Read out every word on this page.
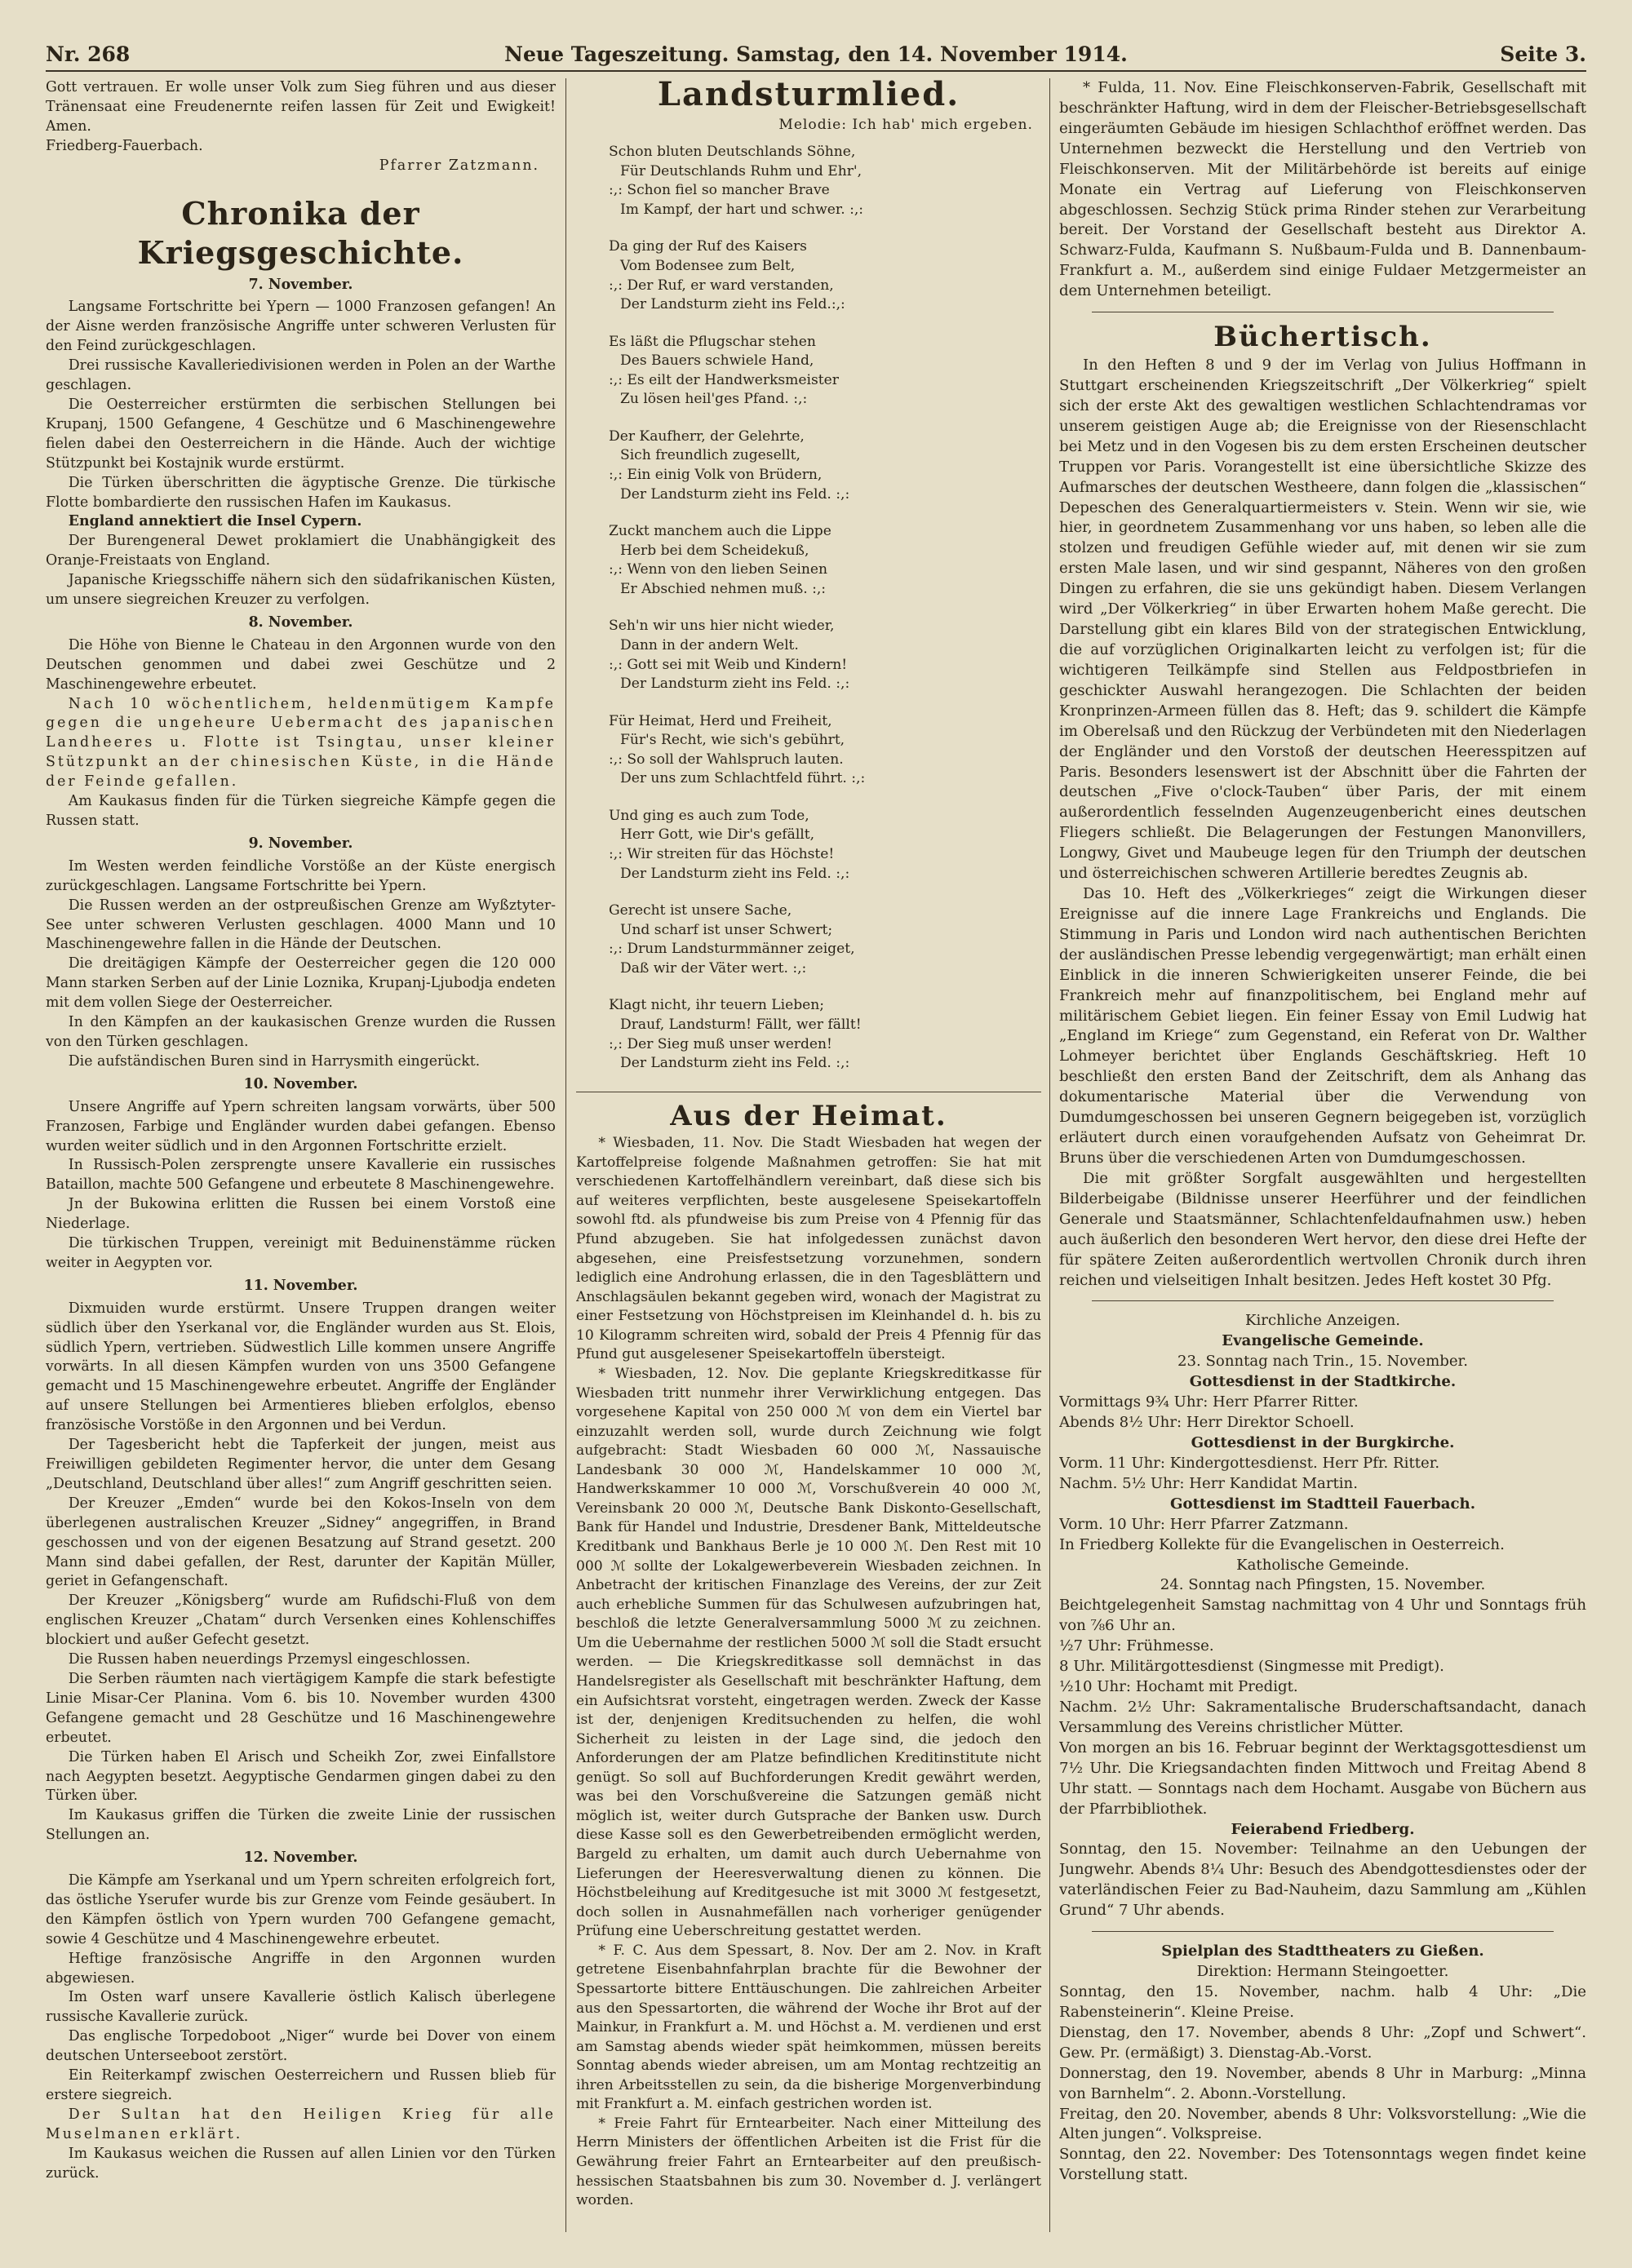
Nr. 268	Neue Tageszeitung. Samstag, den 14. November 1914.	Seite 3.

Gott vertrauen. Er wolle unser Volk zum Sieg führen und aus dieser Tränensaat eine Freudenernte reifen lassen für Zeit und Ewigkeit! Amen.

Friedberg-Fauerbach.

Pfarrer Zatzmann.

Chronika der Kriegsgeschichte.

7. November.

Langsame Fortschritte bei Ypern — 1000 Franzosen gefangen! An der Aisne werden französische Angriffe unter schweren Verlusten für den Feind zurückgeschlagen.

Drei russische Kavalleriedivisionen werden in Polen an der Warthe geschlagen.

Die Oesterreicher erstürmten die serbischen Stellungen bei Krupanj, 1500 Gefangene, 4 Geschütze und 6 Maschinengewehre fielen dabei den Oesterreichern in die Hände. Auch der wichtige Stützpunkt bei Kostajnik wurde erstürmt.

Die Türken überschritten die ägyptische Grenze. Die türkische Flotte bombardierte den russischen Hafen im Kaukasus.

England annektiert die Insel Cypern.

Der Burengeneral Dewet proklamiert die Unabhängigkeit des Oranje-Freistaats von England.

Japanische Kriegsschiffe nähern sich den südafrikanischen Küsten, um unsere siegreichen Kreuzer zu verfolgen.

8. November.

Die Höhe von Bienne le Chateau in den Argonnen wurde von den Deutschen genommen und dabei zwei Geschütze und 2 Maschinengewehre erbeutet.

Nach 10 wöchentlichem, heldenmütigem Kampfe gegen die ungeheure Uebermacht des japanischen Landheeres u. Flotte ist Tsingtau, unser kleiner Stützpunkt an der chinesischen Küste, in die Hände der Feinde gefallen.

Am Kaukasus finden für die Türken siegreiche Kämpfe gegen die Russen statt.

9. November.

Im Westen werden feindliche Vorstöße an der Küste energisch zurückgeschlagen. Langsame Fortschritte bei Ypern.

Die Russen werden an der ostpreußischen Grenze am Wyßztyter-See unter schweren Verlusten geschlagen. 4000 Mann und 10 Maschinengewehre fallen in die Hände der Deutschen.

Die dreitägigen Kämpfe der Oesterreicher gegen die 120 000 Mann starken Serben auf der Linie Loznika, Krupanj-Ljubodja endeten mit dem vollen Siege der Oesterreicher.

In den Kämpfen an der kaukasischen Grenze wurden die Russen von den Türken geschlagen.

Die aufständischen Buren sind in Harrysmith eingerückt.

10. November.

Unsere Angriffe auf Ypern schreiten langsam vorwärts, über 500 Franzosen, Farbige und Engländer wurden dabei gefangen. Ebenso wurden weiter südlich und in den Argonnen Fortschritte erzielt.

In Russisch-Polen zersprengte unsere Kavallerie ein russisches Bataillon, machte 500 Gefangene und erbeutete 8 Maschinengewehre.

Jn der Bukowina erlitten die Russen bei einem Vorstoß eine Niederlage.

Die türkischen Truppen, vereinigt mit Beduinenstämme rücken weiter in Aegypten vor.

11. November.

Dixmuiden wurde erstürmt. Unsere Truppen drangen weiter südlich über den Yserkanal vor, die Engländer wurden aus St. Elois, südlich Ypern, vertrieben. Südwestlich Lille kommen unsere Angriffe vorwärts. In all diesen Kämpfen wurden von uns 3500 Gefangene gemacht und 15 Maschinengewehre erbeutet. Angriffe der Engländer auf unsere Stellungen bei Armentieres blieben erfolglos, ebenso französische Vorstöße in den Argonnen und bei Verdun.

Der Tagesbericht hebt die Tapferkeit der jungen, meist aus Freiwilligen gebildeten Regimenter hervor, die unter dem Gesang „Deutschland, Deutschland über alles!“ zum Angriff geschritten seien.

Der Kreuzer „Emden“ wurde bei den Kokos-Inseln von dem überlegenen australischen Kreuzer „Sidney“ angegriffen, in Brand geschossen und von der eigenen Besatzung auf Strand gesetzt. 200 Mann sind dabei gefallen, der Rest, darunter der Kapitän Müller, geriet in Gefangenschaft.

Der Kreuzer „Königsberg“ wurde am Rufidschi-Fluß von dem englischen Kreuzer „Chatam“ durch Versenken eines Kohlenschiffes blockiert und außer Gefecht gesetzt.

Die Russen haben neuerdings Przemysl eingeschlossen.

Die Serben räumten nach viertägigem Kampfe die stark befestigte Linie Misar-Cer Planina. Vom 6. bis 10. November wurden 4300 Gefangene gemacht und 28 Geschütze und 16 Maschinengewehre erbeutet.

Die Türken haben El Arisch und Scheikh Zor, zwei Einfallstore nach Aegypten besetzt. Aegyptische Gendarmen gingen dabei zu den Türken über.

Im Kaukasus griffen die Türken die zweite Linie der russischen Stellungen an.

12. November.

Die Kämpfe am Yserkanal und um Ypern schreiten erfolgreich fort, das östliche Yserufer wurde bis zur Grenze vom Feinde gesäubert. In den Kämpfen östlich von Ypern wurden 700 Gefangene gemacht, sowie 4 Geschütze und 4 Maschinengewehre erbeutet.

Heftige französische Angriffe in den Argonnen wurden abgewiesen.

Im Osten warf unsere Kavallerie östlich Kalisch überlegene russische Kavallerie zurück.

Das englische Torpedoboot „Niger“ wurde bei Dover von einem deutschen Unterseeboot zerstört.

Ein Reiterkampf zwischen Oesterreichern und Russen blieb für erstere siegreich.

Der Sultan hat den Heiligen Krieg für alle Muselmanen erklärt.

Im Kaukasus weichen die Russen auf allen Linien vor den Türken zurück.

Landsturmlied.
Melodie: Ich hab' mich ergeben.
Schon bluten Deutschlands Söhne,
Für Deutschlands Ruhm und Ehr',
:,: Schon fiel so mancher Brave
Im Kampf, der hart und schwer. :,:
Da ging der Ruf des Kaisers
Vom Bodensee zum Belt,
:,: Der Ruf, er ward verstanden,
Der Landsturm zieht ins Feld.:,:
Es läßt die Pflugschar stehen
Des Bauers schwiele Hand,
:,: Es eilt der Handwerksmeister
Zu lösen heil'ges Pfand. :,:
Der Kaufherr, der Gelehrte,
Sich freundlich zugesellt,
:,: Ein einig Volk von Brüdern,
Der Landsturm zieht ins Feld. :,:
Zuckt manchem auch die Lippe
Herb bei dem Scheidekuß,
:,: Wenn von den lieben Seinen
Er Abschied nehmen muß. :,:
Seh'n wir uns hier nicht wieder,
Dann in der andern Welt.
:,: Gott sei mit Weib und Kindern!
Der Landsturm zieht ins Feld. :,:
Für Heimat, Herd und Freiheit,
Für's Recht, wie sich's gebührt,
:,: So soll der Wahlspruch lauten.
Der uns zum Schlachtfeld führt. :,:
Und ging es auch zum Tode,
Herr Gott, wie Dir's gefällt,
:,: Wir streiten für das Höchste!
Der Landsturm zieht ins Feld. :,:
Gerecht ist unsere Sache,
Und scharf ist unser Schwert;
:,: Drum Landsturmmänner zeiget,
Daß wir der Väter wert. :,:
Klagt nicht, ihr teuern Lieben;
Drauf, Landsturm! Fällt, wer fällt!
:,: Der Sieg muß unser werden!
Der Landsturm zieht ins Feld. :,:
Aus der Heimat.

* Wiesbaden, 11. Nov. Die Stadt Wiesbaden hat wegen der Kartoffelpreise folgende Maßnahmen getroffen: Sie hat mit verschiedenen Kartoffelhändlern vereinbart, daß diese sich bis auf weiteres verpflichten, beste ausgelesene Speisekartoffeln sowohl ftd. als pfundweise bis zum Preise von 4 Pfennig für das Pfund abzugeben. Sie hat infolgedessen zunächst davon abgesehen, eine Preisfestsetzung vorzunehmen, sondern lediglich eine Androhung erlassen, die in den Tagesblättern und Anschlagsäulen bekannt gegeben wird, wonach der Magistrat zu einer Festsetzung von Höchstpreisen im Kleinhandel d. h. bis zu 10 Kilogramm schreiten wird, sobald der Preis 4 Pfennig für das Pfund gut ausgelesener Speisekartoffeln übersteigt.

* Wiesbaden, 12. Nov. Die geplante Kriegskreditkasse für Wiesbaden tritt nunmehr ihrer Verwirklichung entgegen. Das vorgesehene Kapital von 250 000 ℳ von dem ein Viertel bar einzuzahlt werden soll, wurde durch Zeichnung wie folgt aufgebracht: Stadt Wiesbaden 60 000 ℳ, Nassauische Landesbank 30 000 ℳ, Handelskammer 10 000 ℳ, Handwerkskammer 10 000 ℳ, Vorschußverein 40 000 ℳ, Vereinsbank 20 000 ℳ, Deutsche Bank Diskonto-Gesellschaft, Bank für Handel und Industrie, Dresdener Bank, Mitteldeutsche Kreditbank und Bankhaus Berle je 10 000 ℳ. Den Rest mit 10 000 ℳ sollte der Lokalgewerbeverein Wiesbaden zeichnen. In Anbetracht der kritischen Finanzlage des Vereins, der zur Zeit auch erhebliche Summen für das Schulwesen aufzubringen hat, beschloß die letzte Generalversammlung 5000 ℳ zu zeichnen. Um die Uebernahme der restlichen 5000 ℳ soll die Stadt ersucht werden. — Die Kriegskreditkasse soll demnächst in das Handelsregister als Gesellschaft mit beschränkter Haftung, dem ein Aufsichtsrat vorsteht, eingetragen werden. Zweck der Kasse ist der, denjenigen Kreditsuchenden zu helfen, die wohl Sicherheit zu leisten in der Lage sind, die jedoch den Anforderungen der am Platze befindlichen Kreditinstitute nicht genügt. So soll auf Buchforderungen Kredit gewährt werden, was bei den Vorschußvereine die Satzungen gemäß nicht möglich ist, weiter durch Gutsprache der Banken usw. Durch diese Kasse soll es den Gewerbetreibenden ermöglicht werden, Bargeld zu erhalten, um damit auch durch Uebernahme von Lieferungen der Heeresverwaltung dienen zu können. Die Höchstbeleihung auf Kreditgesuche ist mit 3000 ℳ festgesetzt, doch sollen in Ausnahmefällen nach vorheriger genügender Prüfung eine Ueberschreitung gestattet werden.

* F. C. Aus dem Spessart, 8. Nov. Der am 2. Nov. in Kraft getretene Eisenbahnfahrplan brachte für die Bewohner der Spessartorte bittere Enttäuschungen. Die zahlreichen Arbeiter aus den Spessartorten, die während der Woche ihr Brot auf der Mainkur, in Frankfurt a. M. und Höchst a. M. verdienen und erst am Samstag abends wieder spät heimkommen, müssen bereits Sonntag abends wieder abreisen, um am Montag rechtzeitig an ihren Arbeitsstellen zu sein, da die bisherige Morgenverbindung mit Frankfurt a. M. einfach gestrichen worden ist.

* Freie Fahrt für Erntearbeiter. Nach einer Mitteilung des Herrn Ministers der öffentlichen Arbeiten ist die Frist für die Gewährung freier Fahrt an Erntearbeiter auf den preußisch-hessischen Staatsbahnen bis zum 30. November d. J. verlängert worden.

* Fulda, 11. Nov. Eine Fleischkonserven-Fabrik, Gesellschaft mit beschränkter Haftung, wird in dem der Fleischer-Betriebsgesellschaft eingeräumten Gebäude im hiesigen Schlachthof eröffnet werden. Das Unternehmen bezweckt die Herstellung und den Vertrieb von Fleischkonserven. Mit der Militärbehörde ist bereits auf einige Monate ein Vertrag auf Lieferung von Fleischkonserven abgeschlossen. Sechzig Stück prima Rinder stehen zur Verarbeitung bereit. Der Vorstand der Gesellschaft besteht aus Direktor A. Schwarz-Fulda, Kaufmann S. Nußbaum-Fulda und B. Dannenbaum-Frankfurt a. M., außerdem sind einige Fuldaer Metzgermeister an dem Unternehmen beteiligt.

Büchertisch.

In den Heften 8 und 9 der im Verlag von Julius Hoffmann in Stuttgart erscheinenden Kriegszeitschrift „Der Völkerkrieg“ spielt sich der erste Akt des gewaltigen westlichen Schlachtendramas vor unserem geistigen Auge ab; die Ereignisse von der Riesenschlacht bei Metz und in den Vogesen bis zu dem ersten Erscheinen deutscher Truppen vor Paris. Vorangestellt ist eine übersichtliche Skizze des Aufmarsches der deutschen Westheere, dann folgen die „klassischen“ Depeschen des Generalquartiermeisters v. Stein. Wenn wir sie, wie hier, in geordnetem Zusammenhang vor uns haben, so leben alle die stolzen und freudigen Gefühle wieder auf, mit denen wir sie zum ersten Male lasen, und wir sind gespannt, Näheres von den großen Dingen zu erfahren, die sie uns gekündigt haben. Diesem Verlangen wird „Der Völkerkrieg“ in über Erwarten hohem Maße gerecht. Die Darstellung gibt ein klares Bild von der strategischen Entwicklung, die auf vorzüglichen Originalkarten leicht zu verfolgen ist; für die wichtigeren Teilkämpfe sind Stellen aus Feldpostbriefen in geschickter Auswahl herangezogen. Die Schlachten der beiden Kronprinzen-Armeen füllen das 8. Heft; das 9. schildert die Kämpfe im Oberelsaß und den Rückzug der Verbündeten mit den Niederlagen der Engländer und den Vorstoß der deutschen Heeresspitzen auf Paris. Besonders lesenswert ist der Abschnitt über die Fahrten der deutschen „Five o'clock-Tauben“ über Paris, der mit einem außerordentlich fesselnden Augenzeugenbericht eines deutschen Fliegers schließt. Die Belagerungen der Festungen Manonvillers, Longwy, Givet und Maubeuge legen für den Triumph der deutschen und österreichischen schweren Artillerie beredtes Zeugnis ab.

Das 10. Heft des „Völkerkrieges“ zeigt die Wirkungen dieser Ereignisse auf die innere Lage Frankreichs und Englands. Die Stimmung in Paris und London wird nach authentischen Berichten der ausländischen Presse lebendig vergegenwärtigt; man erhält einen Einblick in die inneren Schwierigkeiten unserer Feinde, die bei Frankreich mehr auf finanzpolitischem, bei England mehr auf militärischem Gebiet liegen. Ein feiner Essay von Emil Ludwig hat „England im Kriege“ zum Gegenstand, ein Referat von Dr. Walther Lohmeyer berichtet über Englands Geschäftskrieg. Heft 10 beschließt den ersten Band der Zeitschrift, dem als Anhang das dokumentarische Material über die Verwendung von Dumdumgeschossen bei unseren Gegnern beigegeben ist, vorzüglich erläutert durch einen voraufgehenden Aufsatz von Geheimrat Dr. Bruns über die verschiedenen Arten von Dumdumgeschossen.

Die mit größter Sorgfalt ausgewählten und hergestellten Bilderbeigabe (Bildnisse unserer Heerführer und der feindlichen Generale und Staatsmänner, Schlachtenfeldaufnahmen usw.) heben auch äußerlich den besonderen Wert hervor, den diese drei Hefte der für spätere Zeiten außerordentlich wertvollen Chronik durch ihren reichen und vielseitigen Inhalt besitzen. Jedes Heft kostet 30 Pfg.

Kirchliche Anzeigen.

Evangelische Gemeinde.

23. Sonntag nach Trin., 15. November.

Gottesdienst in der Stadtkirche.

Vormittags 9¾ Uhr: Herr Pfarrer Ritter.

Abends 8½ Uhr: Herr Direktor Schoell.

Gottesdienst in der Burgkirche.

Vorm. 11 Uhr: Kindergottesdienst. Herr Pfr. Ritter.

Nachm. 5½ Uhr: Herr Kandidat Martin.

Gottesdienst im Stadtteil Fauerbach.

Vorm. 10 Uhr: Herr Pfarrer Zatzmann.

In Friedberg Kollekte für die Evangelischen in Oesterreich.

Katholische Gemeinde.

24. Sonntag nach Pfingsten, 15. November.

Beichtgelegenheit Samstag nachmittag von 4 Uhr und Sonntags früh von ⅞6 Uhr an.

½7 Uhr: Frühmesse.

8 Uhr. Militärgottesdienst (Singmesse mit Predigt).

½10 Uhr: Hochamt mit Predigt.

Nachm. 2½ Uhr: Sakramentalische Bruderschaftsandacht, danach Versammlung des Vereins christlicher Mütter.

Von morgen an bis 16. Februar beginnt der Werktagsgottesdienst um 7½ Uhr. Die Kriegsandachten finden Mittwoch und Freitag Abend 8 Uhr statt. — Sonntags nach dem Hochamt. Ausgabe von Büchern aus der Pfarrbibliothek.

Feierabend Friedberg.

Sonntag, den 15. November: Teilnahme an den Uebungen der Jungwehr. Abends 8¼ Uhr: Besuch des Abendgottesdienstes oder der vaterländischen Feier zu Bad-Nauheim, dazu Sammlung am „Kühlen Grund“ 7 Uhr abends.

Spielplan des Stadttheaters zu Gießen.

Direktion: Hermann Steingoetter.

Sonntag, den 15. November, nachm. halb 4 Uhr: „Die Rabensteinerin“. Kleine Preise.

Dienstag, den 17. November, abends 8 Uhr: „Zopf und Schwert“. Gew. Pr. (ermäßigt) 3. Dienstag-Ab.-Vorst.

Donnerstag, den 19. November, abends 8 Uhr in Marburg: „Minna von Barnhelm“. 2. Abonn.-Vorstellung.

Freitag, den 20. November, abends 8 Uhr: Volksvorstellung: „Wie die Alten jungen“. Volkspreise.

Sonntag, den 22. November: Des Totensonntags wegen findet keine Vorstellung statt.
